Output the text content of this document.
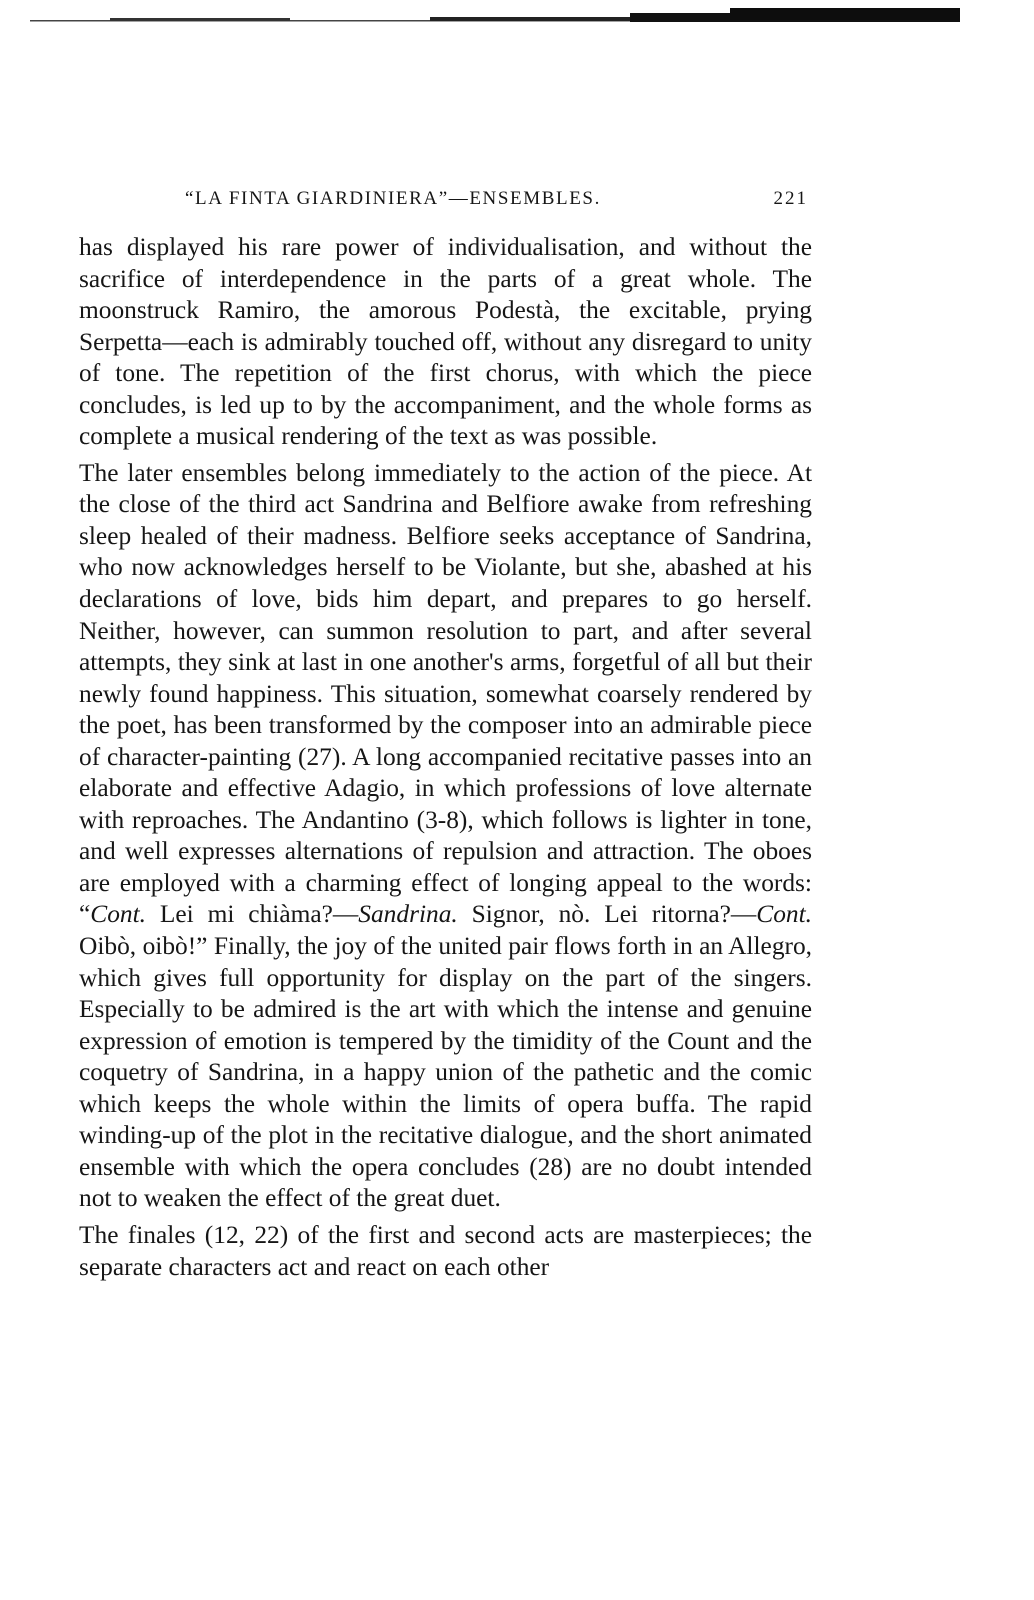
“LA FINTA GIARDINIERA”—ENSEMBLES.	221

has displayed his rare power of individualisation, and without the sacrifice of interdependence in the parts of a great whole. The moonstruck Ramiro, the amorous Podestà, the excitable, prying Serpetta—each is admirably touched off, without any disregard to unity of tone. The repetition of the first chorus, with which the piece concludes, is led up to by the accompaniment, and the whole forms as complete a musical rendering of the text as was possible.

The later ensembles belong immediately to the action of the piece. At the close of the third act Sandrina and Belfiore awake from refreshing sleep healed of their madness. Belfiore seeks acceptance of Sandrina, who now acknowledges herself to be Violante, but she, abashed at his declarations of love, bids him depart, and prepares to go herself. Neither, however, can summon resolution to part, and after several attempts, they sink at last in one another's arms, forgetful of all but their newly found happiness. This situation, somewhat coarsely rendered by the poet, has been transformed by the composer into an admirable piece of character-painting (27). A long accompanied recitative passes into an elaborate and effective Adagio, in which professions of love alternate with reproaches. The Andantino (3-8), which follows is lighter in tone, and well expresses alternations of repulsion and attraction. The oboes are employed with a charming effect of longing appeal to the words: “Cont. Lei mi chiàma?—Sandrina. Signor, nò. Lei ritorna?—Cont. Oibò, oibò!” Finally, the joy of the united pair flows forth in an Allegro, which gives full opportunity for display on the part of the singers. Especially to be admired is the art with which the intense and genuine expression of emotion is tempered by the timidity of the Count and the coquetry of Sandrina, in a happy union of the pathetic and the comic which keeps the whole within the limits of opera buffa. The rapid winding-up of the plot in the recitative dialogue, and the short animated ensemble with which the opera concludes (28) are no doubt intended not to weaken the effect of the great duet.

The finales (12, 22) of the first and second acts are masterpieces; the separate characters act and react on each other
